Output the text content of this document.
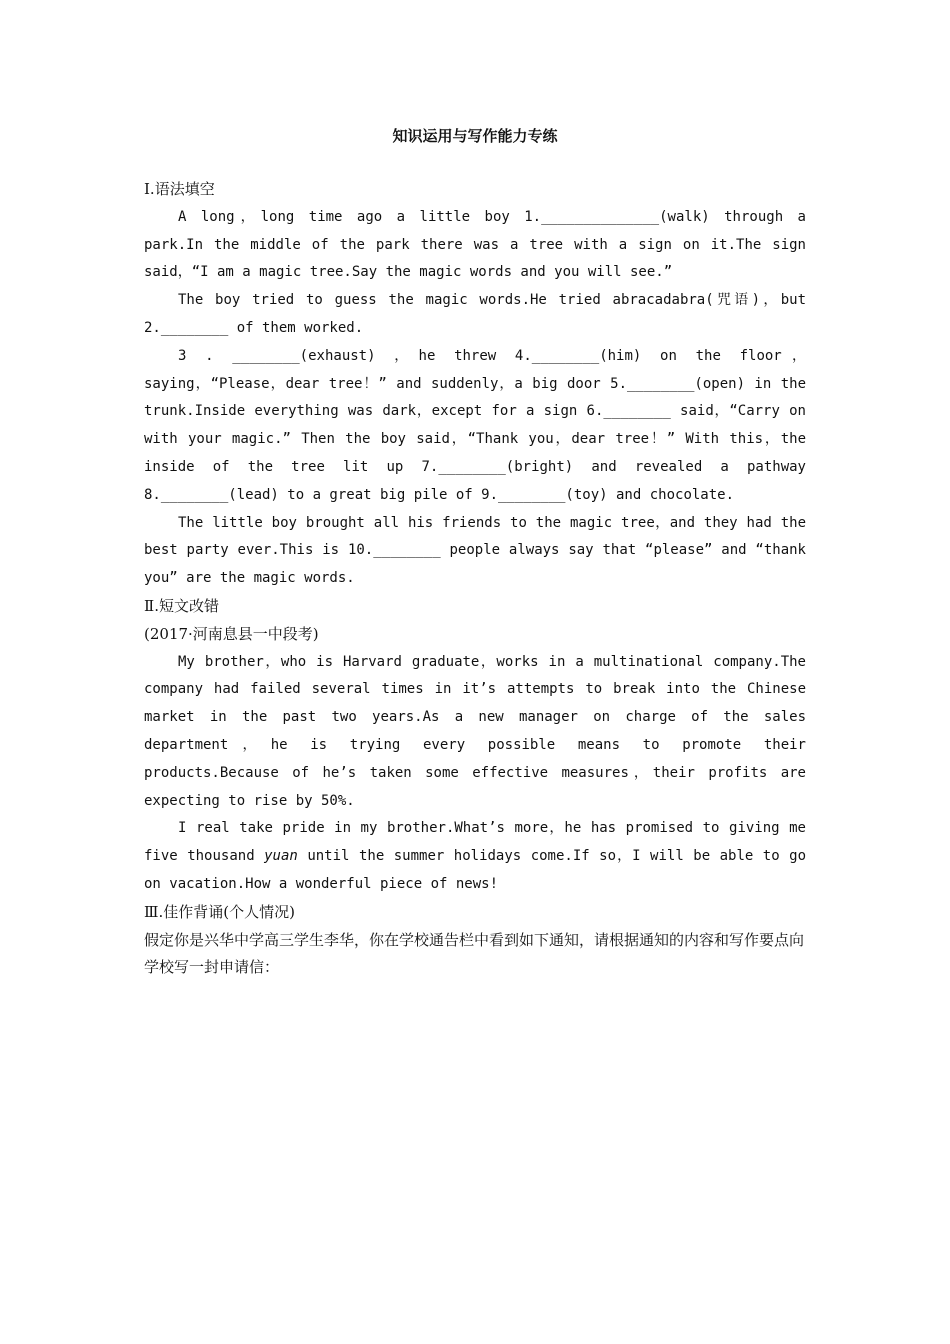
知识运用与写作能力专练

Ⅰ.语法填空

A long，long time ago a little boy 1.______________(walk) through a park.In the middle of the park there was a tree with a sign on it.The sign said，“I am a magic tree.Say the magic words and you will see.”

The boy tried to guess the magic words.He tried abracadabra(咒语)，but 2.________ of them worked.

3 . ________(exhaust) ，he threw 4.________(him) on the floor，saying，“Please，dear tree！” and suddenly，a big door 5.________(open) in the trunk.Inside everything was dark，except for a sign 6.________ said，“Carry on with your magic.” Then the boy said，“Thank you，dear tree！” With this，the inside of the tree lit up 7.________(bright) and revealed a pathway 8.________(lead) to a great big pile of 9.________(toy) and chocolate.

The little boy brought all his friends to the magic tree，and they had the best party ever.This is 10.________ people always say that “please” and “thank you” are the magic words.

Ⅱ.短文改错

(2017·河南息县一中段考)

My brother，who is Harvard graduate，works in a multinational company.The company had failed several times in it’s attempts to break into the Chinese market in the past two years.As a new manager on charge of the sales department，he is trying every possible means to promote their products.Because of he’s taken some effective measures，their profits are expecting to rise by 50%.

I real take pride in my brother.What’s more，he has promised to giving me five thousand yuan until the summer holidays come.If so，I will be able to go on vacation.How a wonderful piece of news!

Ⅲ.佳作背诵(个人情况)

假定你是兴华中学高三学生李华，你在学校通告栏中看到如下通知，请根据通知的内容和写作要点向学校写一封申请信：
